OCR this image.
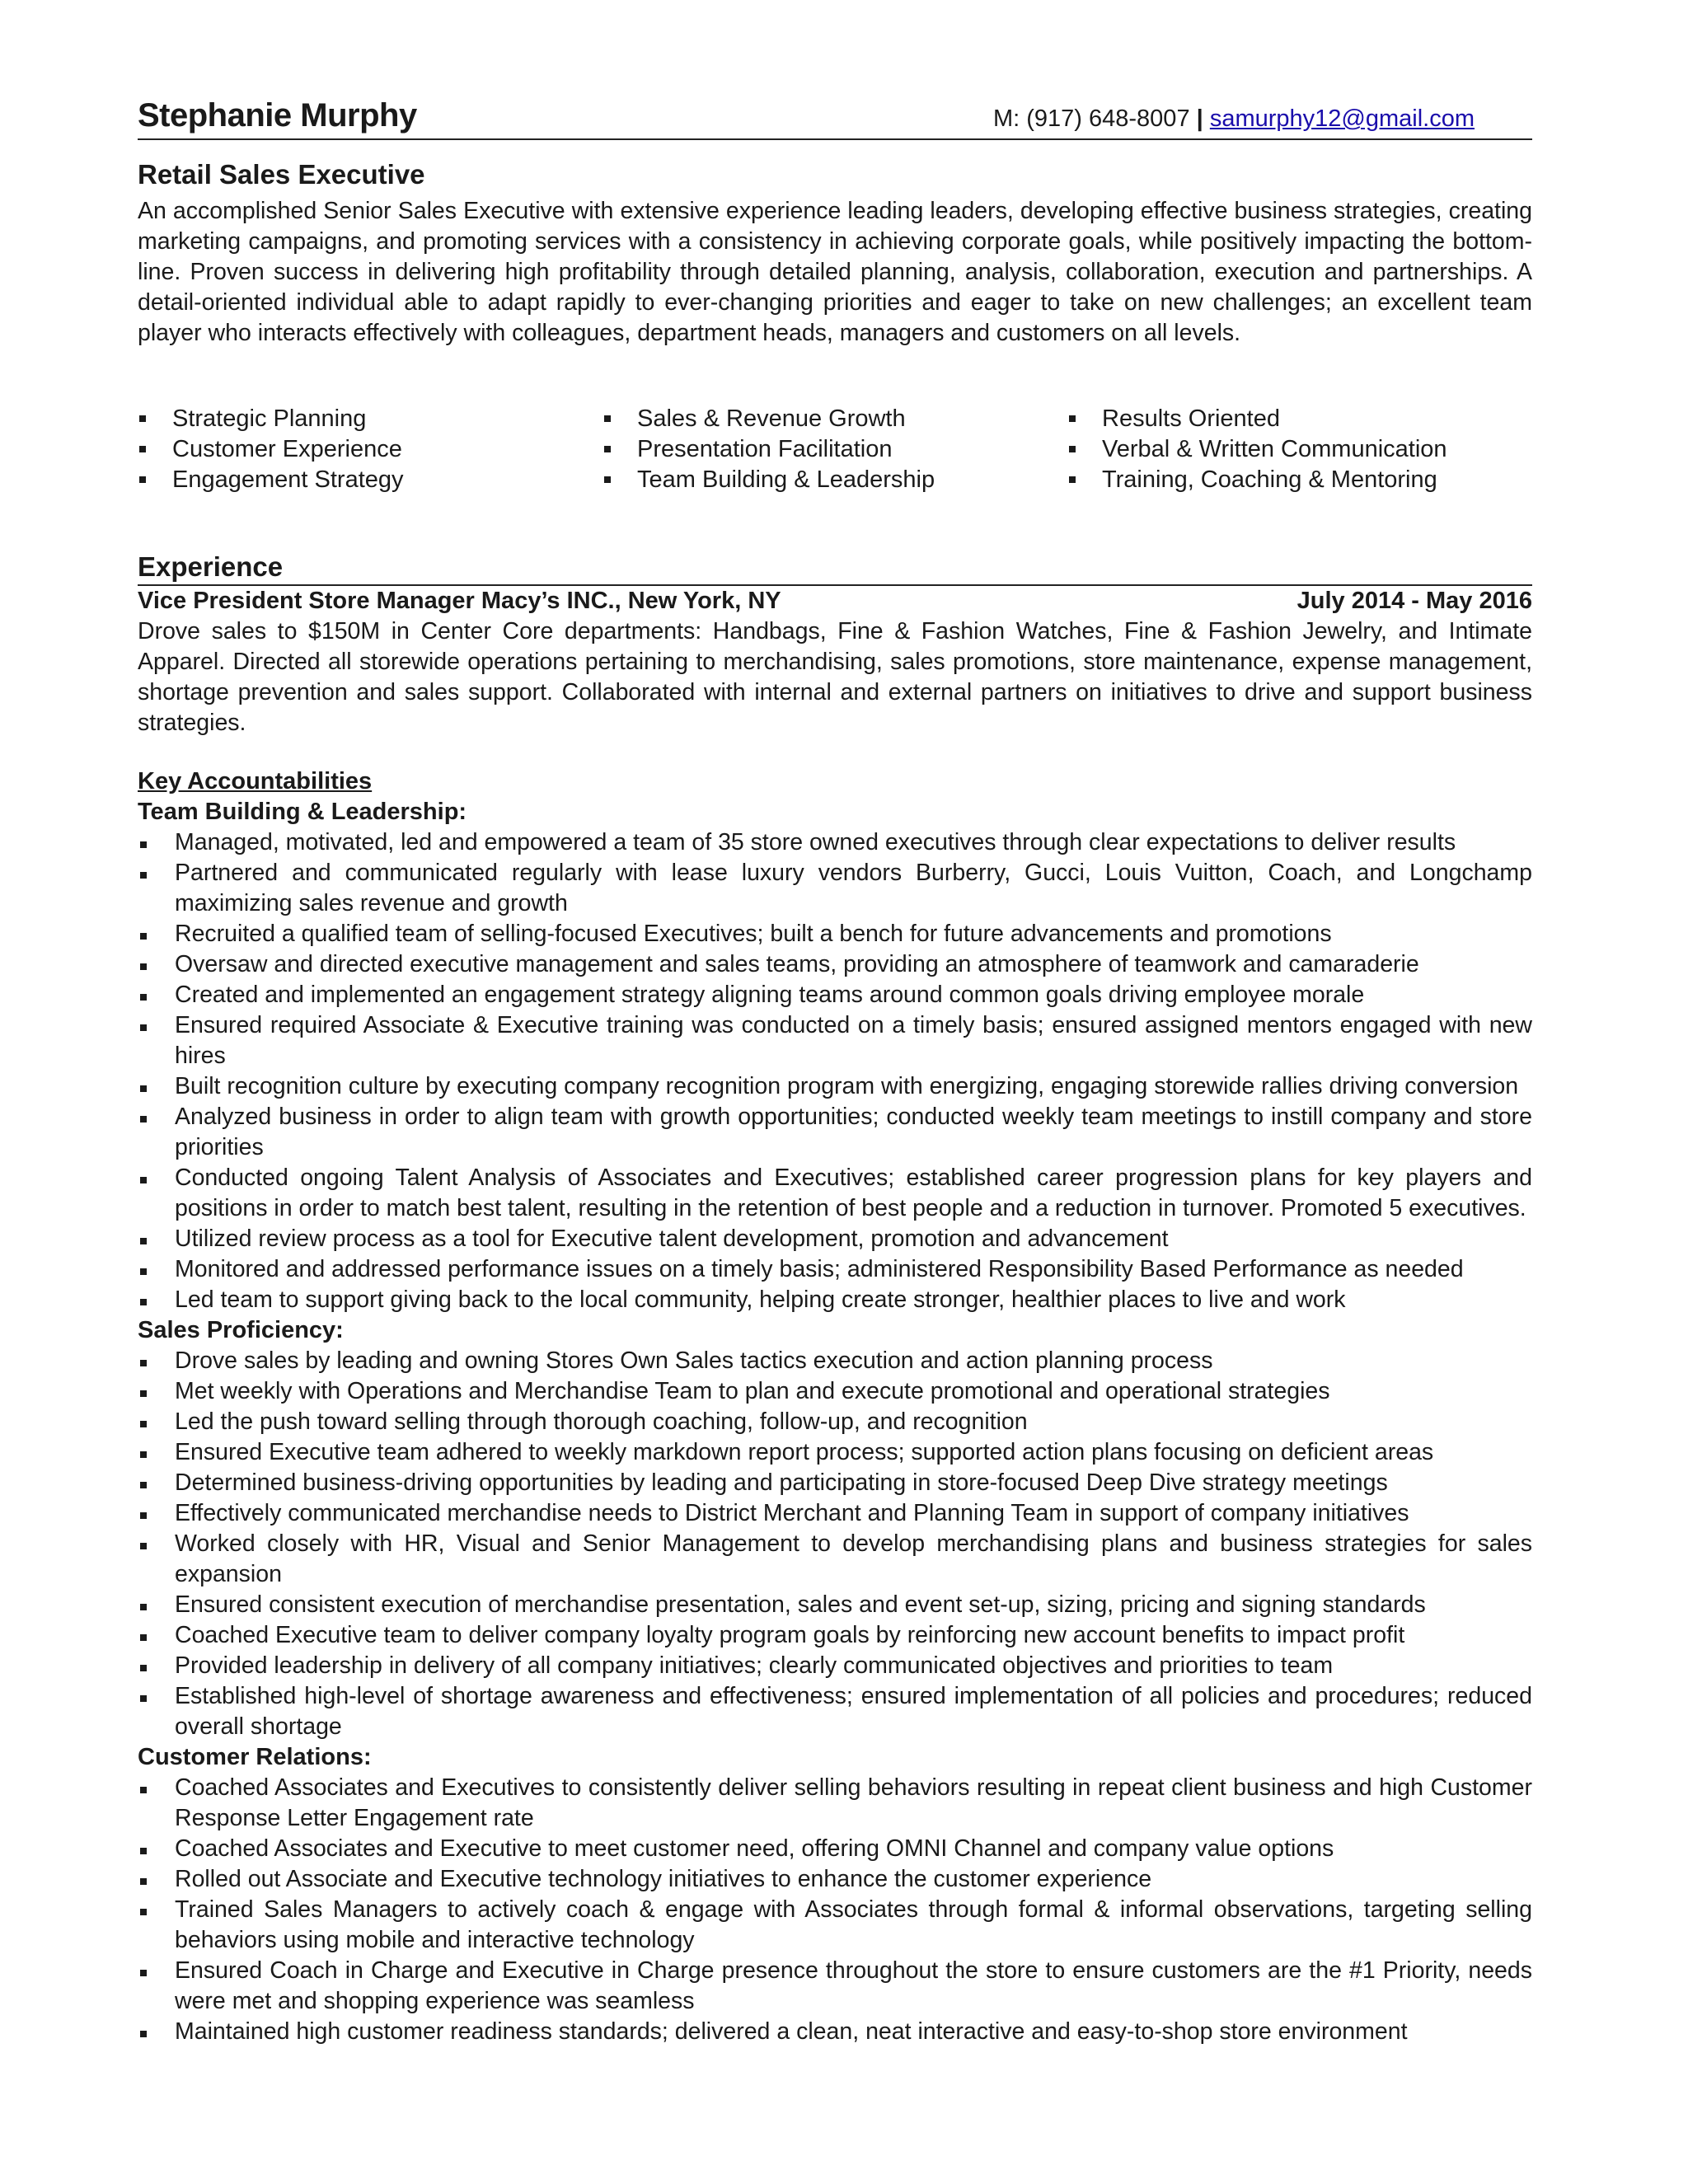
Stephanie Murphy	M: (917) 648-8007 | samurphy12@gmail.com
Retail Sales Executive

An accomplished Senior Sales Executive with extensive experience leading leaders, developing effective business strategies, creating marketing campaigns, and promoting services with a consistency in achieving corporate goals, while positively impacting the bottom-line. Proven success in delivering high profitability through detailed planning, analysis, collaboration, execution and partnerships. A detail-oriented individual able to adapt rapidly to ever-changing priorities and eager to take on new challenges; an excellent team player who interacts effectively with colleagues, department heads, managers and customers on all levels.

Strategic Planning
Customer Experience
Engagement Strategy
Sales & Revenue Growth
Presentation Facilitation
Team Building & Leadership
Results Oriented
Verbal & Written Communication
Training, Coaching & Mentoring
Experience
Vice President Store Manager Macy’s INC., New York, NY	July 2014 - May 2016

Drove sales to $150M in Center Core departments: Handbags, Fine & Fashion Watches, Fine & Fashion Jewelry, and Intimate Apparel. Directed all storewide operations pertaining to merchandising, sales promotions, store maintenance, expense management, shortage prevention and sales support. Collaborated with internal and external partners on initiatives to drive and support business strategies.

Key Accountabilities
Team Building & Leadership:
Managed, motivated, led and empowered a team of 35 store owned executives through clear expectations to deliver results
Partnered and communicated regularly with lease luxury vendors Burberry, Gucci, Louis Vuitton, Coach, and Longchamp maximizing sales revenue and growth
Recruited a qualified team of selling-focused Executives; built a bench for future advancements and promotions
Oversaw and directed executive management and sales teams, providing an atmosphere of teamwork and camaraderie
Created and implemented an engagement strategy aligning teams around common goals driving employee morale
Ensured required Associate & Executive training was conducted on a timely basis; ensured assigned mentors engaged with new hires
Built recognition culture by executing company recognition program with energizing, engaging storewide rallies driving conversion
Analyzed business in order to align team with growth opportunities; conducted weekly team meetings to instill company and store priorities
Conducted ongoing Talent Analysis of Associates and Executives; established career progression plans for key players and positions in order to match best talent, resulting in the retention of best people and a reduction in turnover. Promoted 5 executives.
Utilized review process as a tool for Executive talent development, promotion and advancement
Monitored and addressed performance issues on a timely basis; administered Responsibility Based Performance as needed
Led team to support giving back to the local community, helping create stronger, healthier places to live and work
Sales Proficiency:
Drove sales by leading and owning Stores Own Sales tactics execution and action planning process
Met weekly with Operations and Merchandise Team to plan and execute promotional and operational strategies
Led the push toward selling through thorough coaching, follow-up, and recognition
Ensured Executive team adhered to weekly markdown report process; supported action plans focusing on deficient areas
Determined business-driving opportunities by leading and participating in store-focused Deep Dive strategy meetings
Effectively communicated merchandise needs to District Merchant and Planning Team in support of company initiatives
Worked closely with HR, Visual and Senior Management to develop merchandising plans and business strategies for sales expansion
Ensured consistent execution of merchandise presentation, sales and event set-up, sizing, pricing and signing standards
Coached Executive team to deliver company loyalty program goals by reinforcing new account benefits to impact profit
Provided leadership in delivery of all company initiatives; clearly communicated objectives and priorities to team
Established high-level of shortage awareness and effectiveness; ensured implementation of all policies and procedures; reduced overall shortage
Customer Relations:
Coached Associates and Executives to consistently deliver selling behaviors resulting in repeat client business and high Customer Response Letter Engagement rate
Coached Associates and Executive to meet customer need, offering OMNI Channel and company value options
Rolled out Associate and Executive technology initiatives to enhance the customer experience
Trained Sales Managers to actively coach & engage with Associates through formal & informal observations, targeting selling behaviors using mobile and interactive technology
Ensured Coach in Charge and Executive in Charge presence throughout the store to ensure customers are the #1 Priority, needs were met and shopping experience was seamless
Maintained high customer readiness standards; delivered a clean, neat interactive and easy-to-shop store environment
